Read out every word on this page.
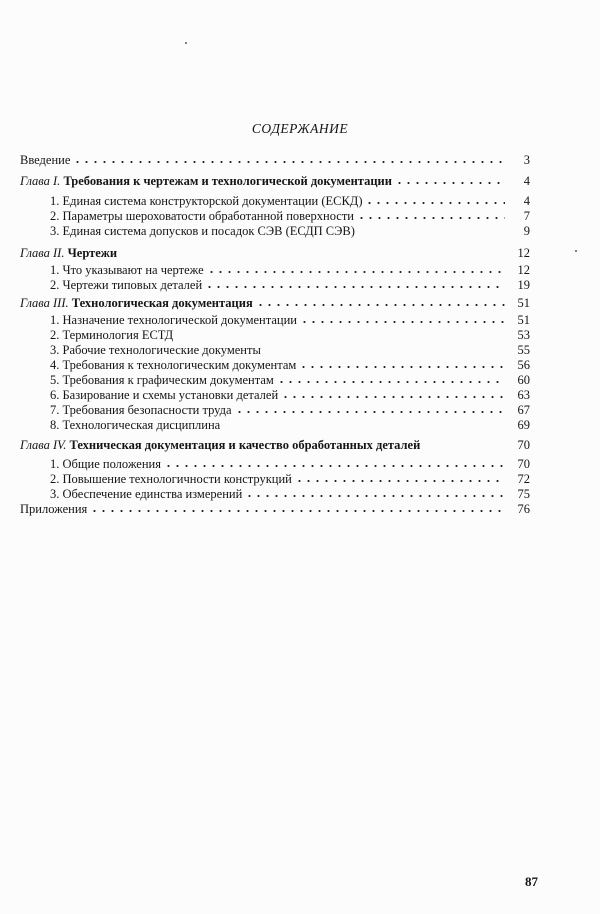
СОДЕРЖАНИЕ
Введение	3
Глава I. Требования к чертежам и технологической документации	4
1. Единая система конструкторской документации (ЕСКД)	4
2. Параметры шероховатости обработанной поверхности	7
3. Единая система допусков и посадок СЭВ (ЕСДП СЭВ)	9
Глава II. Чертежи	12
1. Что указывают на чертеже	12
2. Чертежи типовых деталей	19
Глава III. Технологическая документация	51
1. Назначение технологической документации	51
2. Терминология ЕСТД	53
3. Рабочие технологические документы	55
4. Требования к технологическим документам	56
5. Требования к графическим документам	60
6. Базирование и схемы установки деталей	63
7. Требования безопасности труда	67
8. Технологическая дисциплина	69
Глава IV. Техническая документация и качество обработанных деталей	70
1. Общие положения	70
2. Повышение технологичности конструкций	72
3. Обеспечение единства измерений	75
Приложения	76
87
